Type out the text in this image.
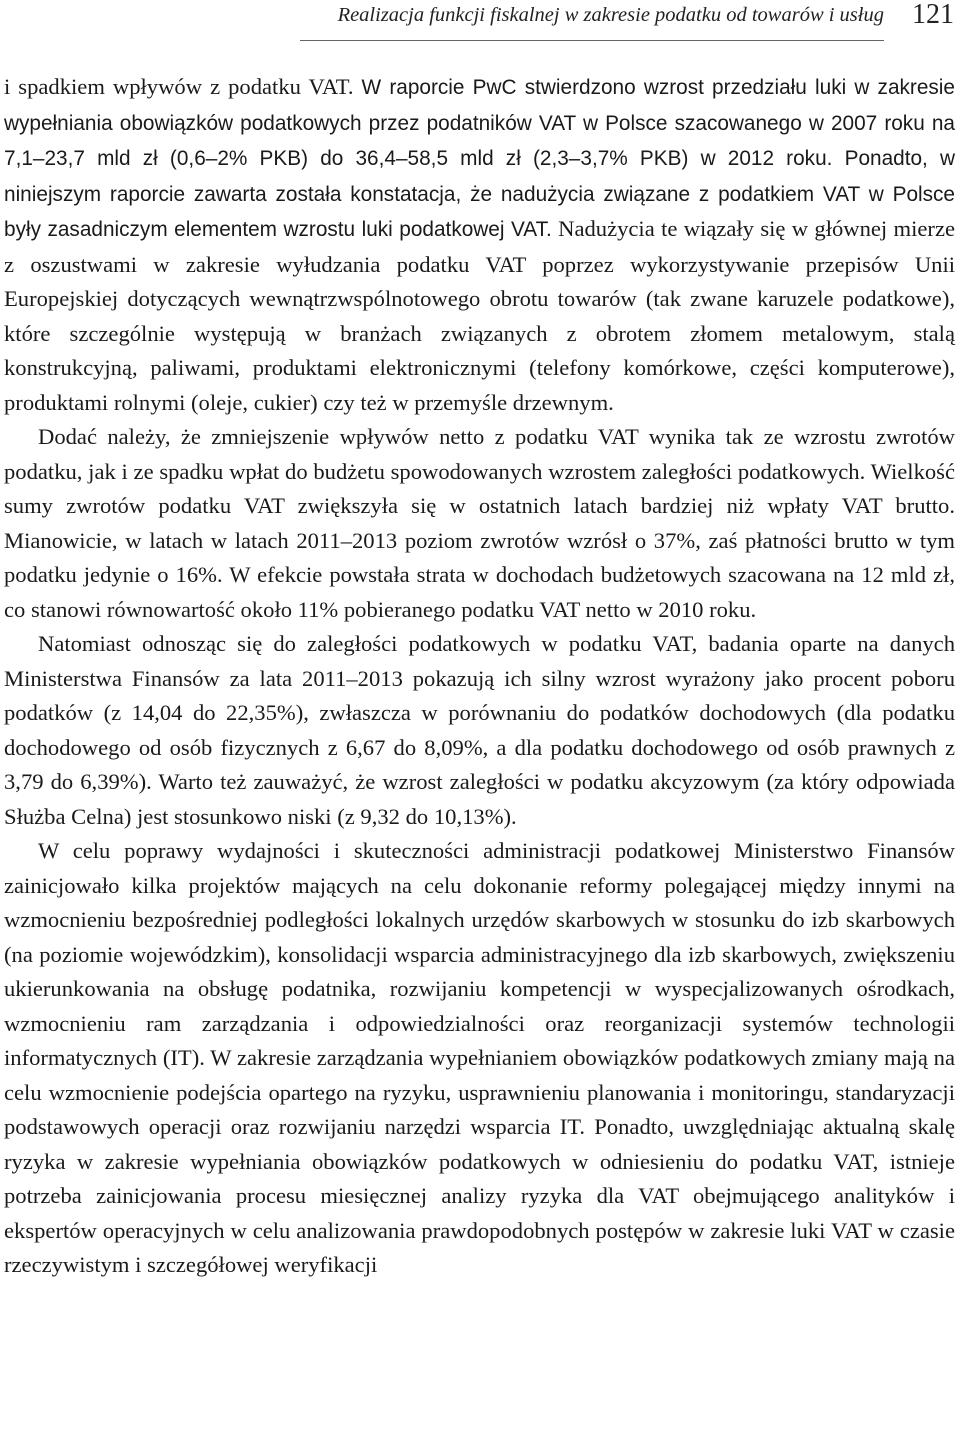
Realizacja funkcji fiskalnej w zakresie podatku od towarów i usług 121

i spadkiem wpływów z podatku VAT. W raporcie PwC stwierdzono wzrost przedziału luki w zakresie wypełniania obowiązków podatkowych przez podatników VAT w Polsce szacowanego w 2007 roku na 7,1–23,7 mld zł (0,6–2% PKB) do 36,4–58,5 mld zł (2,3–3,7% PKB) w 2012 roku. Ponadto, w niniejszym raporcie zawarta została konstatacja, że nadużycia związane z podatkiem VAT w Polsce były zasadniczym elementem wzrostu luki podatkowej VAT. Nadużycia te wiązały się w głównej mierze z oszustwami w zakresie wyłudzania podatku VAT poprzez wykorzystywanie przepisów Unii Europejskiej dotyczących wewnątrzwspólnotowego obrotu towarów (tak zwane karuzele podatkowe), które szczególnie występują w branżach związanych z obrotem złomem metalowym, stalą konstrukcyjną, paliwami, produktami elektronicznymi (telefony komórkowe, części komputerowe), produktami rolnymi (oleje, cukier) czy też w przemyśle drzewnym.

Dodać należy, że zmniejszenie wpływów netto z podatku VAT wynika tak ze wzrostu zwrotów podatku, jak i ze spadku wpłat do budżetu spowodowanych wzrostem zaległości podatkowych. Wielkość sumy zwrotów podatku VAT zwiększyła się w ostatnich latach bardziej niż wpłaty VAT brutto. Mianowicie, w latach w latach 2011–2013 poziom zwrotów wzrósł o 37%, zaś płatności brutto w tym podatku jedynie o 16%. W efekcie powstała strata w dochodach budżetowych szacowana na 12 mld zł, co stanowi równowartość około 11% pobieranego podatku VAT netto w 2010 roku.

Natomiast odnosząc się do zaległości podatkowych w podatku VAT, badania oparte na danych Ministerstwa Finansów za lata 2011–2013 pokazują ich silny wzrost wyrażony jako procent poboru podatków (z 14,04 do 22,35%), zwłaszcza w porównaniu do podatków dochodowych (dla podatku dochodowego od osób fizycznych z 6,67 do 8,09%, a dla podatku dochodowego od osób prawnych z 3,79 do 6,39%). Warto też zauważyć, że wzrost zaległości w podatku akcyzowym (za który odpowiada Służba Celna) jest stosunkowo niski (z 9,32 do 10,13%).

W celu poprawy wydajności i skuteczności administracji podatkowej Ministerstwo Finansów zainicjowało kilka projektów mających na celu dokonanie reformy polegającej między innymi na wzmocnieniu bezpośredniej podległości lokalnych urzędów skarbowych w stosunku do izb skarbowych (na poziomie wojewódzkim), konsolidacji wsparcia administracyjnego dla izb skarbowych, zwiększeniu ukierunkowania na obsługę podatnika, rozwijaniu kompetencji w wyspecjalizowanych ośrodkach, wzmocnieniu ram zarządzania i odpowiedzialności oraz reorganizacji systemów technologii informatycznych (IT). W zakresie zarządzania wypełnianiem obowiązków podatkowych zmiany mają na celu wzmocnienie podejścia opartego na ryzyku, usprawnieniu planowania i monitoringu, standaryzacji podstawowych operacji oraz rozwijaniu narzędzi wsparcia IT. Ponadto, uwzględniając aktualną skalę ryzyka w zakresie wypełniania obowiązków podatkowych w odniesieniu do podatku VAT, istnieje potrzeba zainicjowania procesu miesięcznej analizy ryzyka dla VAT obejmującego analityków i ekspertów operacyjnych w celu analizowania prawdopodobnych postępów w zakresie luki VAT w czasie rzeczywistym i szczegółowej weryfikacji
